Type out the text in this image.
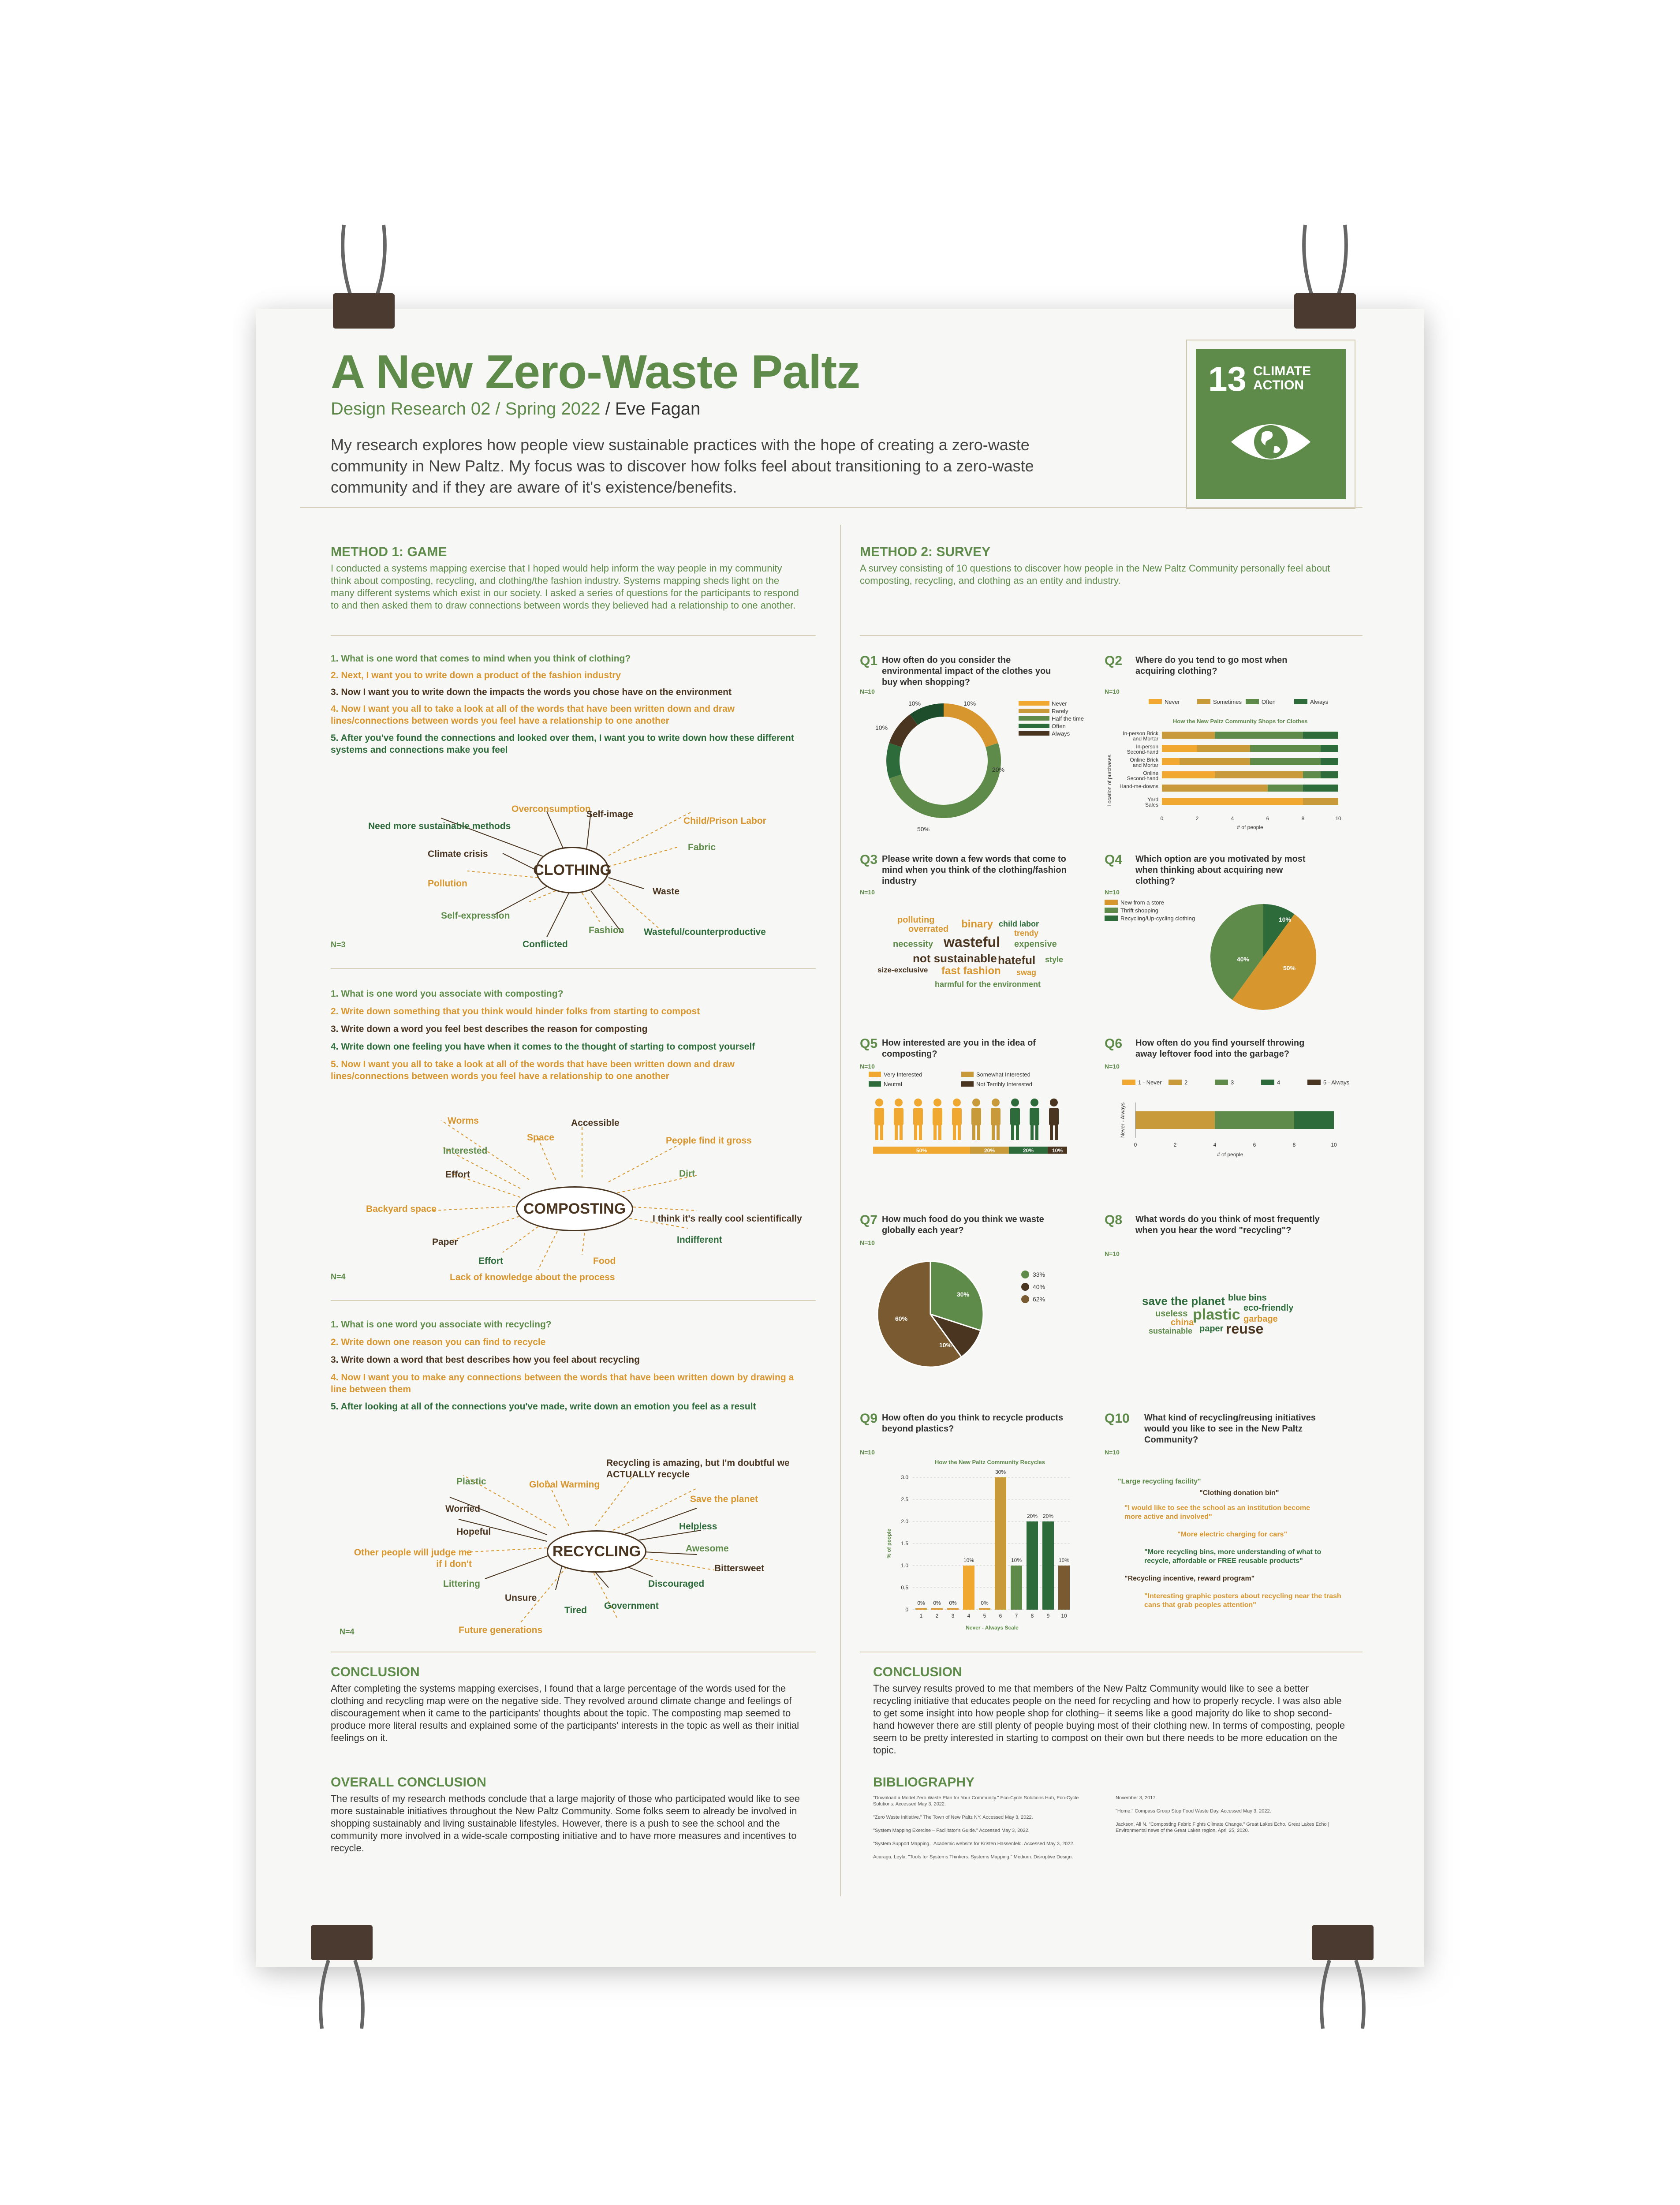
A New Zero-Waste Paltz
Design Research 02 / Spring 2022 / Eve Fagan
My research explores how people view sustainable practices with the hope of creating a zero-waste community in New Paltz. My focus was to discover how folks feel about transitioning to a zero-waste community and if they are aware of it's existence/benefits.
13 CLIMATE
ACTION
METHOD 1: GAME
I conducted a systems mapping exercise that I hoped would help inform the way people in my community think about composting, recycling, and clothing/the fashion industry. Systems mapping sheds light on the many different systems which exist in our society. I asked a series of questions for the participants to respond to and then asked them to draw connections between words they believed had a relationship to one another.
1. What is one word that comes to mind when you think of clothing?
2. Next, I want you to write down a product of the fashion industry
3. Now I want you to write down the impacts the words you chose have on the environment
4. Now I want you all to take a look at all of the words that have been written down and draw lines/connections between words you feel have a relationship to one another
5. After you've found the connections and looked over them, I want you to write down how these different systems and connections make you feel
CLOTHING
Overconsumption
Self-image
Child/Prison Labor
Need more sustainable methods
Fabric
Climate crisis
Pollution
Waste
Self-expression
Fashion Wasteful/counterproductive
Conflicted
N=3
1. What is one word you associate with composting?
2. Write down something that you think would hinder folks from starting to compost
3. Write down a word you feel best describes the reason for composting
4. Write down one feeling you have when it comes to the thought of starting to compost yourself
5. Now I want you all to take a look at all of the words that have been written down and draw lines/connections between words you feel have a relationship to one another
COMPOSTING
Worms	Accessible
Space	People find it gross
Interested
Dirt
Effort
Backyard space
I think it's really cool scientifically
Paper	Indifferent
Effort	Food
Lack of knowledge about the process
N=4
1. What is one word you associate with recycling?
2. Write down one reason you can find to recycle
3. Write down a word that best describes how you feel about recycling
4. Now I want you to make any connections between the words that have been written down by drawing a line between them
5. After looking at all of the connections you've made, write down an emotion you feel as a result
RECYCLING
Plastic	Global Warming
Recycling is amazing, but I'm doubtful we ACTUALLY recycle
Worried
Save the planet
Hopeful
Helpless
Other people will judge me if I don't
Awesome
Bittersweet
Littering	Discouraged
Unsure
Tired Government
Future generations
N=4
CONCLUSION
After completing the systems mapping exercises, I found that a large percentage of the words used for the clothing and recycling map were on the negative side. They revolved around climate change and feelings of discouragement when it came to the participants' thoughts about the topic. The composting map seemed to produce more literal results and explained some of the participants' interests in the topic as well as their initial feelings on it.
OVERALL CONCLUSION
The results of my research methods conclude that a large majority of those who participated would like to see more sustainable initiatives throughout the New Paltz Community. Some folks seem to already be involved in shopping sustainably and living sustainable lifestyles. However, there is a push to see the school and the community more involved in a wide-scale composting initiative and to have more measures and incentives to recycle.
METHOD 2: SURVEY
A survey consisting of 10 questions to discover how people in the New Paltz Community personally feel about composting, recycling, and clothing as an entity and industry.
Q1 How often do you consider the environmental impact of the clothes you buy when shopping?
N=10
10%
10%
10%
20%
50%
Never
Rarely
Half the time
Often
Always
Q2 Where do you tend to go most when acquiring clothing?
N=10
Never	Sometimes	Often	Always
How the New Paltz Community Shops for Clothes
In-person Brick
and Mortar
In-person
Second-hand
Online Brick
and Mortar
Online
Second-hand
Hand-me-downs
Yard
Sales
0	2	4	6	8	10
# of people
Location of purchases
Q3 Please write down a few words that come to mind when you think of the clothing/fashion industry
N=10
polluting
overrated binary child labor
trendy
necessity wasteful expensive
not sustainable hateful style
size-exclusive fast fashion swag
harmful for the environment
Q4 Which option are you motivated by most when thinking about acquiring new clothing?
N=10
New from a store
Thrift shopping
Recycling/Up-cycling clothing	10%
50%
40%
Q5 How interested are you in the idea of composting?
N=10
Very Interested	Somewhat Interested
Neutral	Not Terribly Interested
50%	20%	20%	10%
Q6 How often do you find yourself throwing away leftover food into the garbage?
N=10
1 - Never	2	3	4	5 - Always
0	2	4	6	8	10
# of people
Never - Always
Q7 How much food do you think we waste globally each year?
N=10
30%
10%
60%
33%
40%
62%
Q8 What words do you think of most frequently when you hear the word "recycling"?
N=10
save the planet blue bins
useless plastic eco-friendly
china	garbage
sustainable paper reuse
Q9 How often do you think to recycle products beyond plastics?
N=10
How the New Paltz Community Recycles
0
0.5
1.0
1.5
2.0
2.5
3.0
0%
1
0%
2
0%
3
10%
4
0%
5
30%
6
10%
7
20%
8
20%
9
10%
10
Never - Always Scale
% of people
Q10 What kind of recycling/reusing initiatives would you like to see in the New Paltz Community?
N=10
"Large recycling facility"
"Clothing donation bin"
"I would like to see the school as an institution become more active and involved"
"More electric charging for cars"
"More recycling bins, more understanding of what to recycle, affordable or FREE reusable products"
"Recycling incentive, reward program"
"Interesting graphic posters about recycling near the trash cans that grab peoples attention"
CONCLUSION
The survey results proved to me that members of the New Paltz Community would like to see a better recycling initiative that educates people on the need for recycling and how to properly recycle. I was also able to get some insight into how people shop for clothing– it seems like a good majority do like to shop second-hand however there are still plenty of people buying most of their clothing new. In terms of composting, people seem to be pretty interested in starting to compost on their own but there needs to be more education on the topic.
BIBLIOGRAPHY
"Download a Model Zero Waste Plan for Your Community." Eco-Cycle Solutions Hub, Eco-Cycle Solutions. Accessed May 3, 2022.
"Zero Waste Initiative." The Town of New Paltz NY. Accessed May 3, 2022.
"System Mapping Exercise – Facilitator's Guide." Accessed May 3, 2022.
"System Support Mapping." Academic website for Kristen Hassenfeld. Accessed May 3, 2022.
Acaragu, Leyla. "Tools for Systems Thinkers: Systems Mapping." Medium. Disruptive Design.
November 3, 2017.
"Home." Compass Group Stop Food Waste Day. Accessed May 3, 2022.
Jackson, Ali N. "Composting Fabric Fights Climate Change." Great Lakes Echo. Great Lakes Echo | Environmental news of the Great Lakes region, April 25, 2020.
